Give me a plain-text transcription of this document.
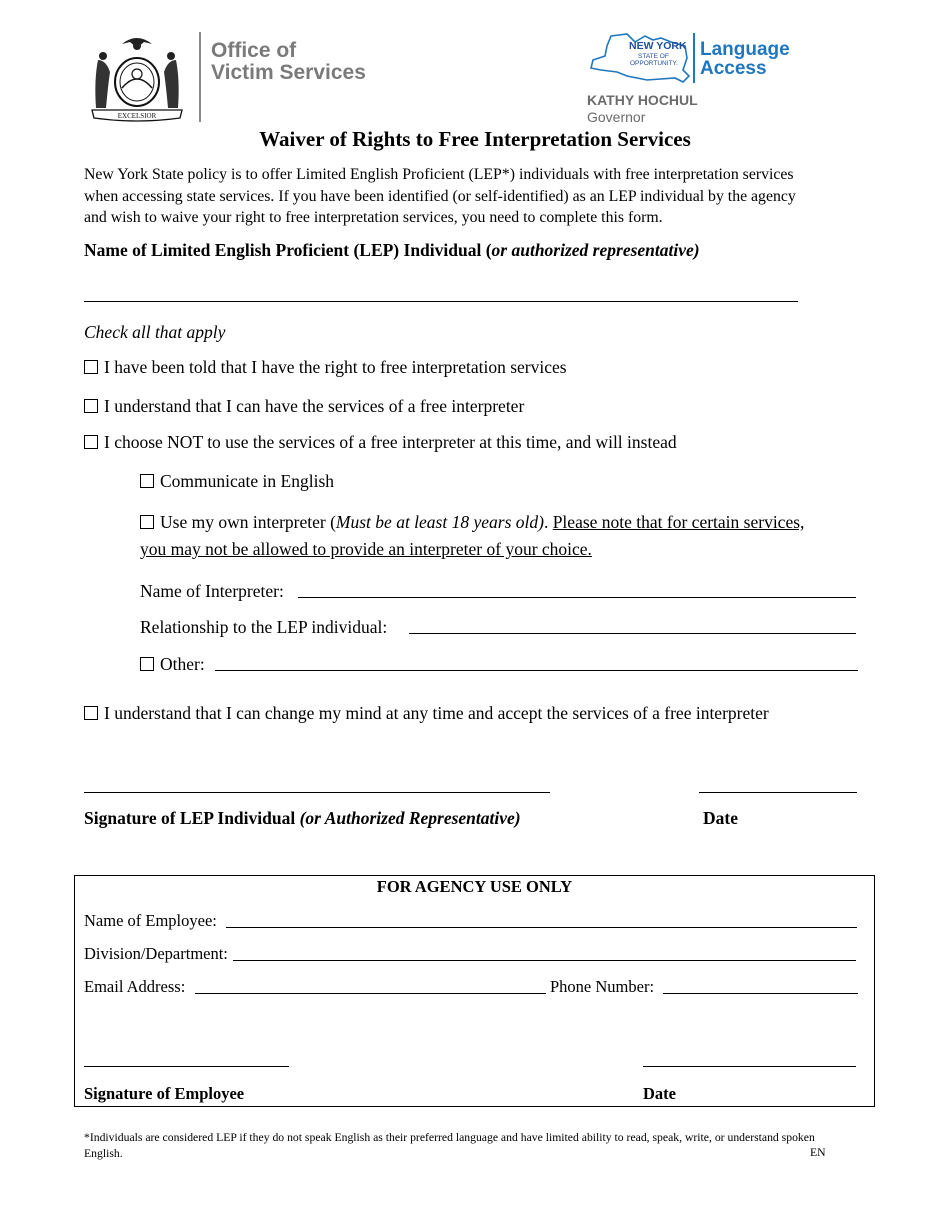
EXCELSIOR
Office of
Victim Services
NEW YORK
STATE OF
OPPORTUNITY.
Language
Access
KATHY HOCHUL
Governor
Waiver of Rights to Free Interpretation Services
New York State policy is to offer Limited English Proficient (LEP*) individuals with free interpretation services
when accessing state services. If you have been identified (or self-identified) as an LEP individual by the agency
and wish to waive your right to free interpretation services, you need to complete this form.
Name of Limited English Proficient (LEP) Individual (or authorized representative)
Check all that apply
I have been told that I have the right to free interpretation services
I understand that I can have the services of a free interpreter
I choose NOT to use the services of a free interpreter at this time, and will instead
Communicate in English
Use my own interpreter (Must be at least 18 years old). Please note that for certain services,
you may not be allowed to provide an interpreter of your choice.
Name of Interpreter:
Relationship to the LEP individual:
Other:
I understand that I can change my mind at any time and accept the services of a free interpreter
Signature of LEP Individual (or Authorized Representative)	Date
FOR AGENCY USE ONLY
Name of Employee:
Division/Department:
Email Address:	Phone Number:
Signature of Employee	Date
*Individuals are considered LEP if they do not speak English as their preferred language and have limited ability to read, speak, write, or understand spoken
English.	EN
